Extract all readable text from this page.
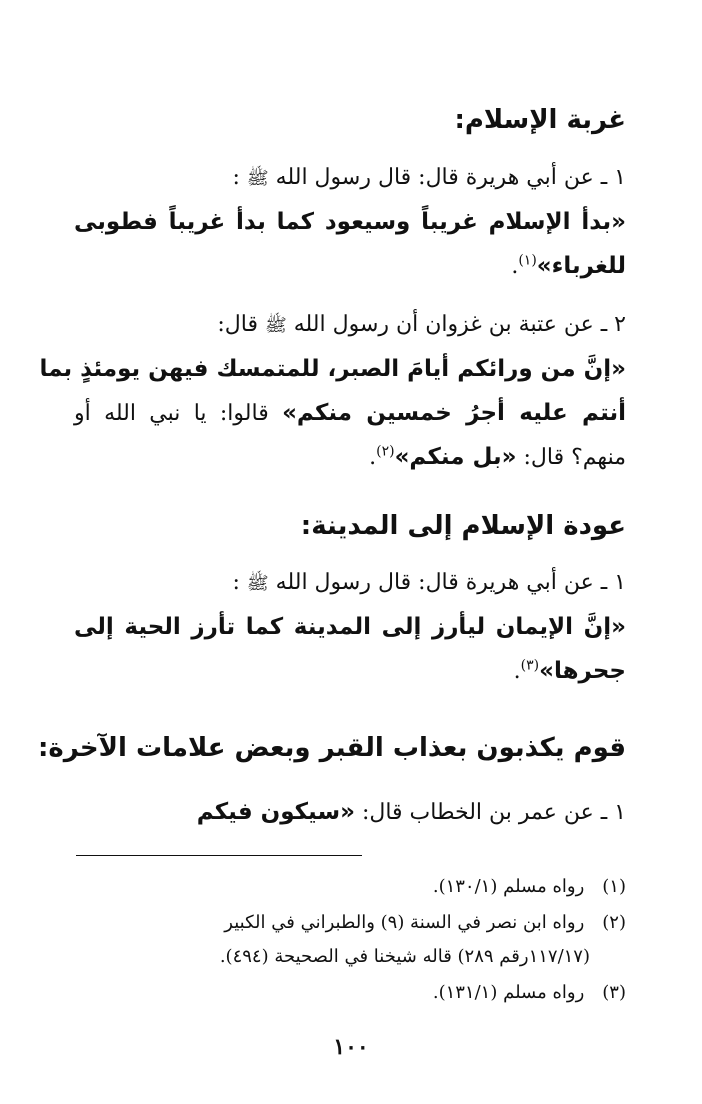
غربة الإسلام:
١ ـ عن أبي هريرة قال: قال رسول الله ﷺ :
«بدأ الإسلام غريباً وسيعود كما بدأ غريباً فطوبى
للغرباء»$^{(١)}$.
٢ ـ عن عتبة بن غزوان أن رسول الله ﷺ قال:
«إنَّ من ورائكم أيامَ الصبر، للمتمسك فيهن يومئذٍ بما
أنتم عليه أجرُ خمسين منكم» قالوا: يا نبي الله أو
منهم؟ قال: «بل منكم»$^{(٢)}$.
عودة الإسلام إلى المدينة:
١ ـ عن أبي هريرة قال: قال رسول الله ﷺ :
«إنَّ الإيمان ليأرز إلى المدينة كما تأرز الحية إلى
جحرها»$^{(٣)}$.
قوم يكذبون بعذاب القبر وبعض علامات الآخرة:
١ ـ عن عمر بن الخطاب قال: «سيكون فيكم
(١) رواه مسلم (١٣٠/١).
(٢) رواه ابن نصر في السنة (٩) والطبراني في الكبير
(١١٧/١٧رقم ٢٨٩) قاله شيخنا في الصحيحة (٤٩٤).
(٣) رواه مسلم (١٣١/١).
١٠٠
